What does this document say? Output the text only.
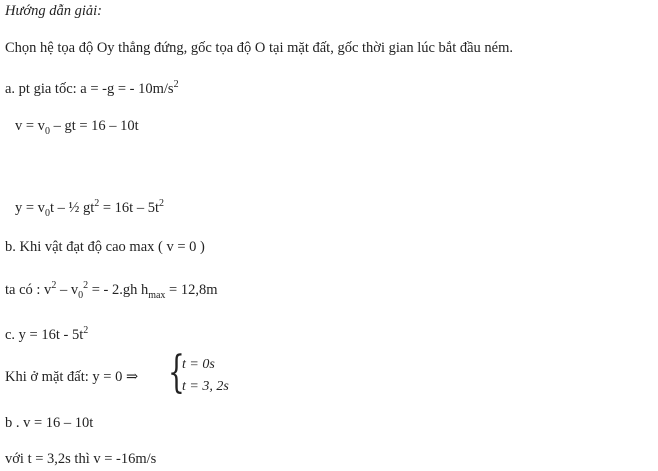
Hướng dẫn giải:
Chọn hệ tọa độ Oy thẳng đứng, gốc tọa độ O tại mặt đất, gốc thời gian lúc bắt đầu ném.
a. pt gia tốc: a = -g = - $10m/s^2$
$v = v_0$ – gt = 16 – 10t
$y = v_0t$ – ½ $gt^2 = 16t - 5t^2$
b. Khi vật đạt độ cao max ( v = 0 )
ta có : $v^2 - v_0^2$ = - 2.gh $h_{max} = 12,8m$
c. $y = 16t - 5t^2$
Khi ở mặt đất: y = 0 ⇒ {
t = 0s
t = 3, 2s
b . v = 16 – 10t
với t = 3,2s thì v = -16m/s
